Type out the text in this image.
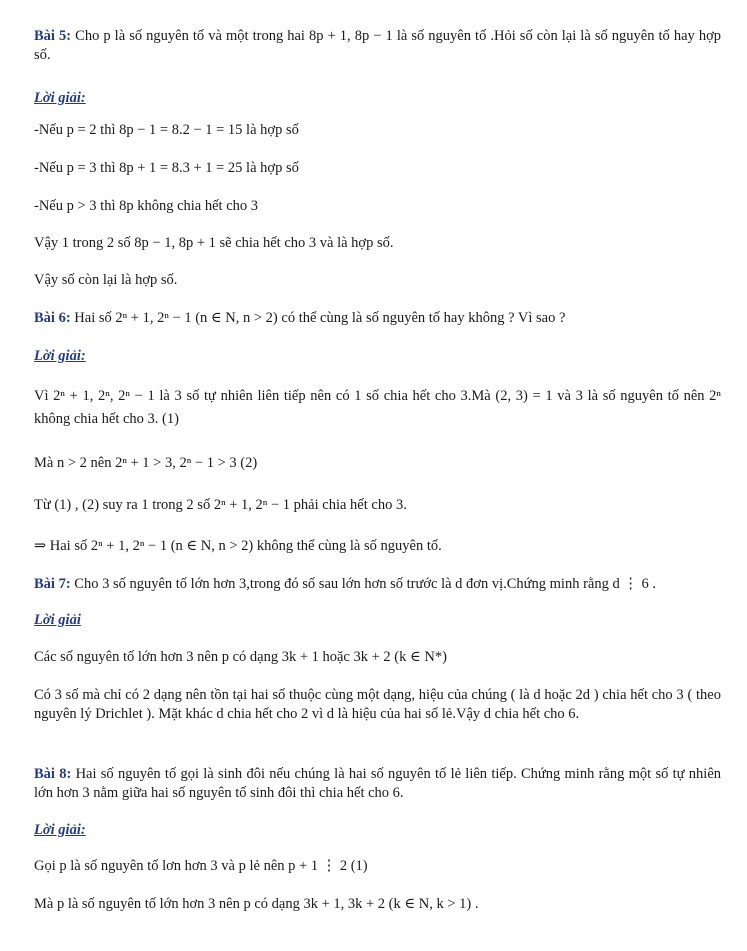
Bài 5: Cho p là số nguyên tố và một trong hai 8p + 1, 8p − 1 là số nguyên tố .Hỏi số còn lại là số nguyên tố hay hợp số.
Lời giải:
-Nếu p = 2 thì 8p − 1 = 8.2 − 1 = 15 là hợp số
-Nếu p = 3 thì 8p + 1 = 8.3 + 1 = 25 là hợp số
-Nếu p > 3 thì 8p không chia hết cho 3
Vậy 1 trong 2 số 8p − 1, 8p + 1 sẽ chia hết cho 3 và là hợp số.
Vậy số còn lại là hợp số.
Bài 6: Hai số 2ⁿ + 1, 2ⁿ − 1 (n ∈ N, n > 2) có thể cùng là số nguyên tố hay không ? Vì sao ?
Lời giải:
Vì 2ⁿ + 1, 2ⁿ, 2ⁿ − 1 là 3 số tự nhiên liên tiếp nên có 1 số chia hết cho 3.Mà (2, 3) = 1 và 3 là số nguyên tố nên 2ⁿ không chia hết cho 3. (1)
Mà n > 2 nên 2ⁿ + 1 > 3, 2ⁿ − 1 > 3 (2)
Từ (1) , (2) suy ra 1 trong 2 số 2ⁿ + 1, 2ⁿ − 1 phải chia hết cho 3.
⇒ Hai số 2ⁿ + 1, 2ⁿ − 1 (n ∈ N, n > 2) không thể cùng là số nguyên tố.
Bài 7: Cho 3 số nguyên tố lớn hơn 3,trong đó số sau lớn hơn số trước là d đơn vị.Chứng minh rằng d ⋮ 6 .
Lời giải
Các số nguyên tố lớn hơn 3 nên p có dạng 3k + 1 hoặc 3k + 2 (k ∈ N*)
Có 3 số mà chỉ có 2 dạng nên tồn tại hai số thuộc cùng một dạng, hiệu của chúng ( là d hoặc 2d ) chia hết cho 3 ( theo nguyên lý Drichlet ). Mặt khác d chia hết cho 2 vì d là hiệu của hai số lẻ.Vậy d chia hết cho 6.
Bài 8: Hai số nguyên tố gọi là sinh đôi nếu chúng là hai số nguyên tố lẻ liên tiếp. Chứng minh rằng một số tự nhiên lớn hơn 3 nằm giữa hai số nguyên tố sinh đôi thì chia hết cho 6.
Lời giải:
Gọi p là số nguyên tố lơn hơn 3 và p lẻ nên p + 1 ⋮ 2 (1)
Mà p là số nguyên tố lớn hơn 3 nên p có dạng 3k + 1, 3k + 2 (k ∈ N, k > 1) .
